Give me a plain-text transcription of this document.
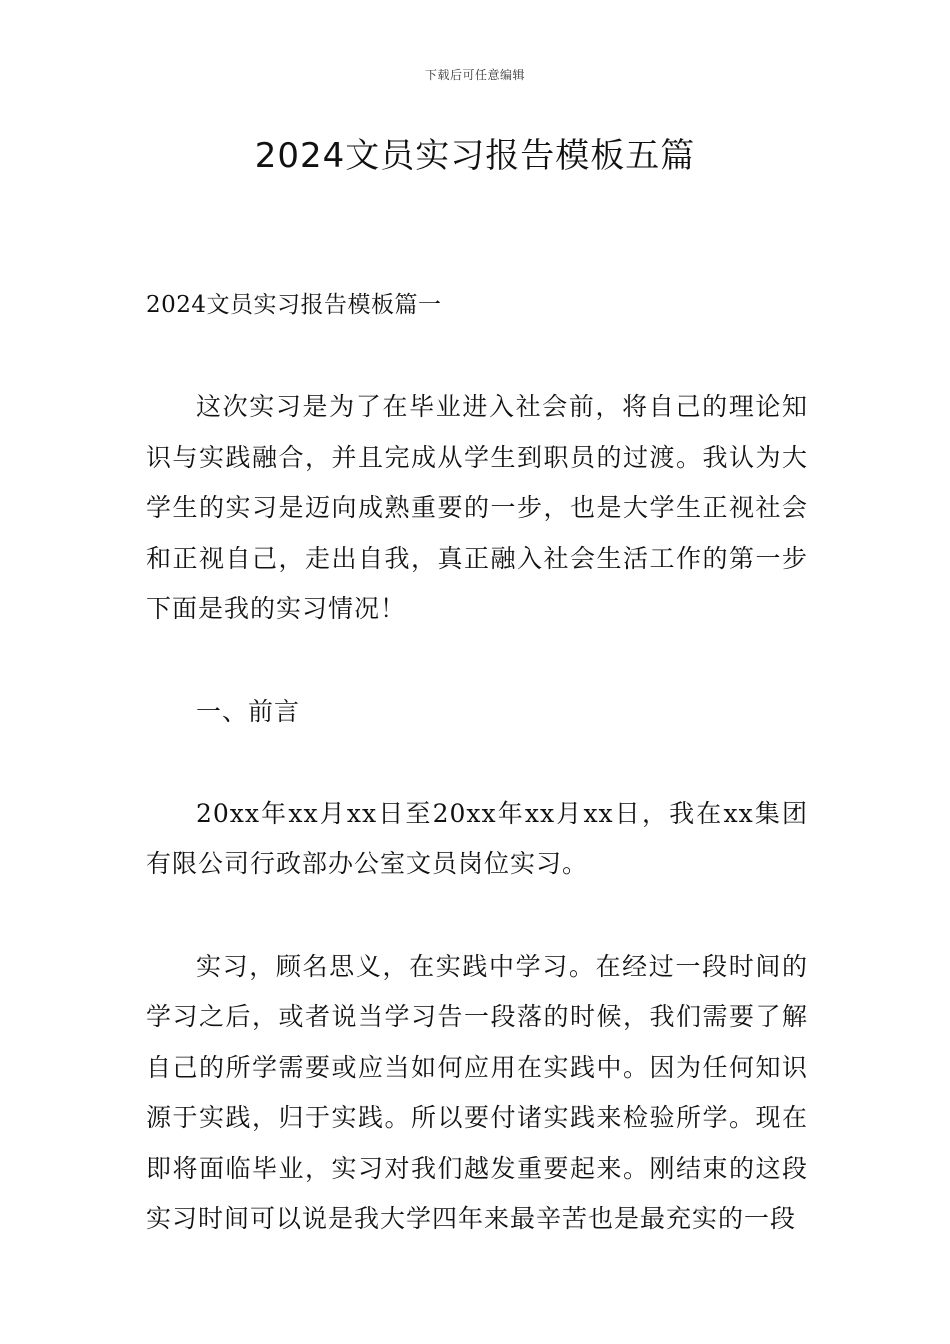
下载后可任意编辑
2024文员实习报告模板五篇

2024文员实习报告模板篇一

这次实习是为了在毕业进入社会前，将自己的理论知识与实践融合，并且完成从学生到职员的过渡。我认为大学生的实习是迈向成熟重要的一步，也是大学生正视社会和正视自己，走出自我，真正融入社会生活工作的第一步下面是我的实习情况！

一、前言

20xx年xx月xx日至20xx年xx月xx日，我在xx集团有限公司行政部办公室文员岗位实习。

实习，顾名思义，在实践中学习。在经过一段时间的学习之后，或者说当学习告一段落的时候，我们需要了解自己的所学需要或应当如何应用在实践中。因为任何知识源于实践，归于实践。所以要付诸实践来检验所学。现在即将面临毕业，实习对我们越发重要起来。刚结束的这段实习时间可以说是我大学四年来最辛苦也是最充实的一段
